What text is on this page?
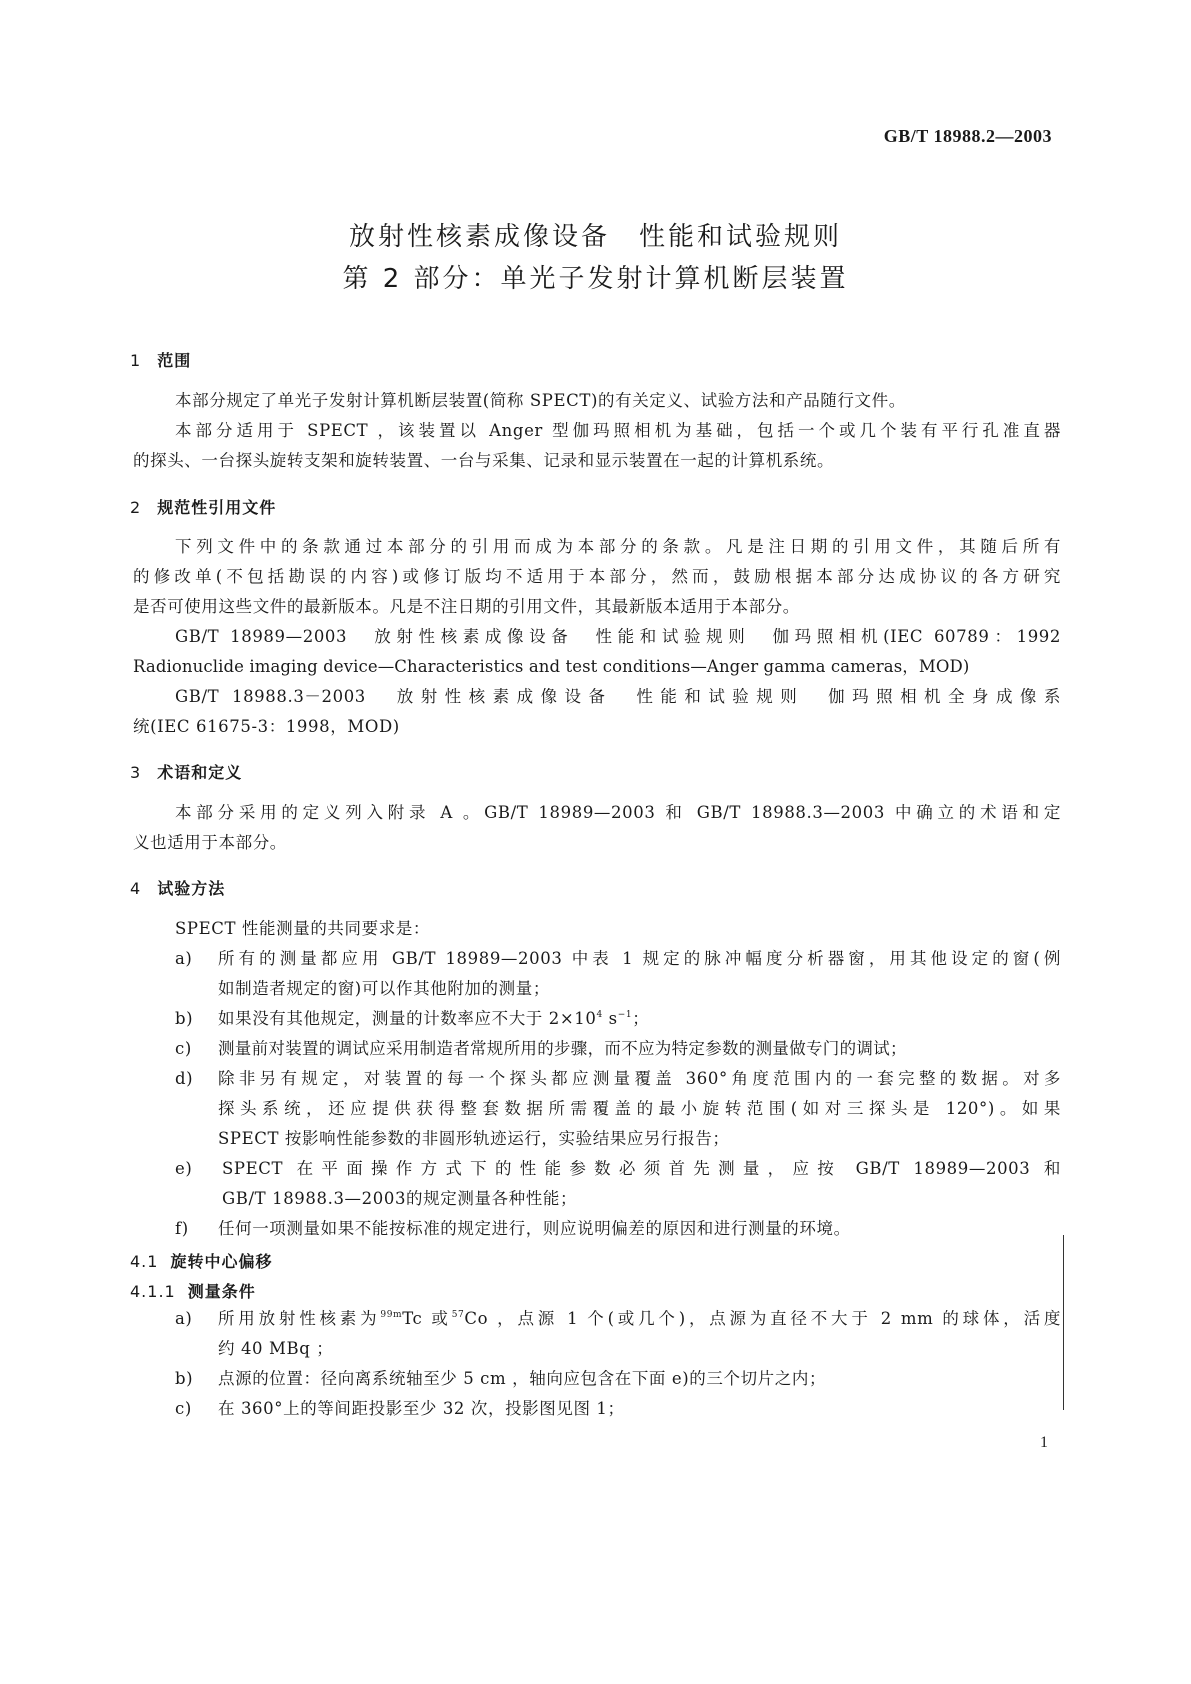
GB/T 18988.2—2003
放射性核素成像设备　性能和试验规则
第 2 部分：单光子发射计算机断层装置
1 范围
本部分规定了单光子发射计算机断层装置(简称 SPECT)的有关定义、试验方法和产品随行文件。
本部分适用于 SPECT ，该装置以 Anger 型伽玛照相机为基础，包括一个或几个装有平行孔准直器
的探头、一台探头旋转支架和旋转装置、一台与采集、记录和显示装置在一起的计算机系统。
2 规范性引用文件
下列文件中的条款通过本部分的引用而成为本部分的条款。凡是注日期的引用文件，其随后所有
的修改单(不包括勘误的内容)或修订版均不适用于本部分，然而，鼓励根据本部分达成协议的各方研究
是否可使用这些文件的最新版本。凡是不注日期的引用文件，其最新版本适用于本部分。
GB/T 18989—2003　放射性核素成像设备　性能和试验规则　伽玛照相机(IEC 60789：1992
Radionuclide imaging device—Characteristics and test conditions—Anger gamma cameras，MOD)
GB/T 18988.3－2003　放射性核素成像设备　性能和试验规则　伽玛照相机全身成像系
统(IEC 61675-3：1998，MOD)
3 术语和定义
本部分采用的定义列入附录 A 。GB/T 18989—2003 和 GB/T 18988.3—2003 中确立的术语和定
义也适用于本部分。
4 试验方法
SPECT 性能测量的共同要求是：
a) 所有的测量都应用 GB/T 18989—2003 中表 1 规定的脉冲幅度分析器窗，用其他设定的窗(例
如制造者规定的窗)可以作其他附加的测量；
b) 如果没有其他规定，测量的计数率应不大于 $2\times 10^4$ $s^{-1}$；
c) 测量前对装置的调试应采用制造者常规所用的步骤，而不应为特定参数的测量做专门的调试；
d) 除非另有规定，对装置的每一个探头都应测量覆盖 360°角度范围内的一套完整的数据。对多
探头系统，还应提供获得整套数据所需覆盖的最小旋转范围(如对三探头是 120°)。如果
SPECT 按影响性能参数的非圆形轨迹运行，实验结果应另行报告；
e) SPECT 在平面操作方式下的性能参数必须首先测量，应按 GB/T 18989—2003 和
GB/T 18988.3—2003的规定测量各种性能；
f) 任何一项测量如果不能按标准的规定进行，则应说明偏差的原因和进行测量的环境。
4.1 旋转中心偏移
4.1.1 测量条件
a) 所用放射性核素为$^{99m}$Tc 或$^{57}$Co ，点源 1 个(或几个)，点源为直径不大于 2 mm 的球体，活度
约 40 MBq ；
b) 点源的位置：径向离系统轴至少 5 cm ，轴向应包含在下面 e)的三个切片之内；
c) 在 360°上的等间距投影至少 32 次，投影图见图 1；
1
